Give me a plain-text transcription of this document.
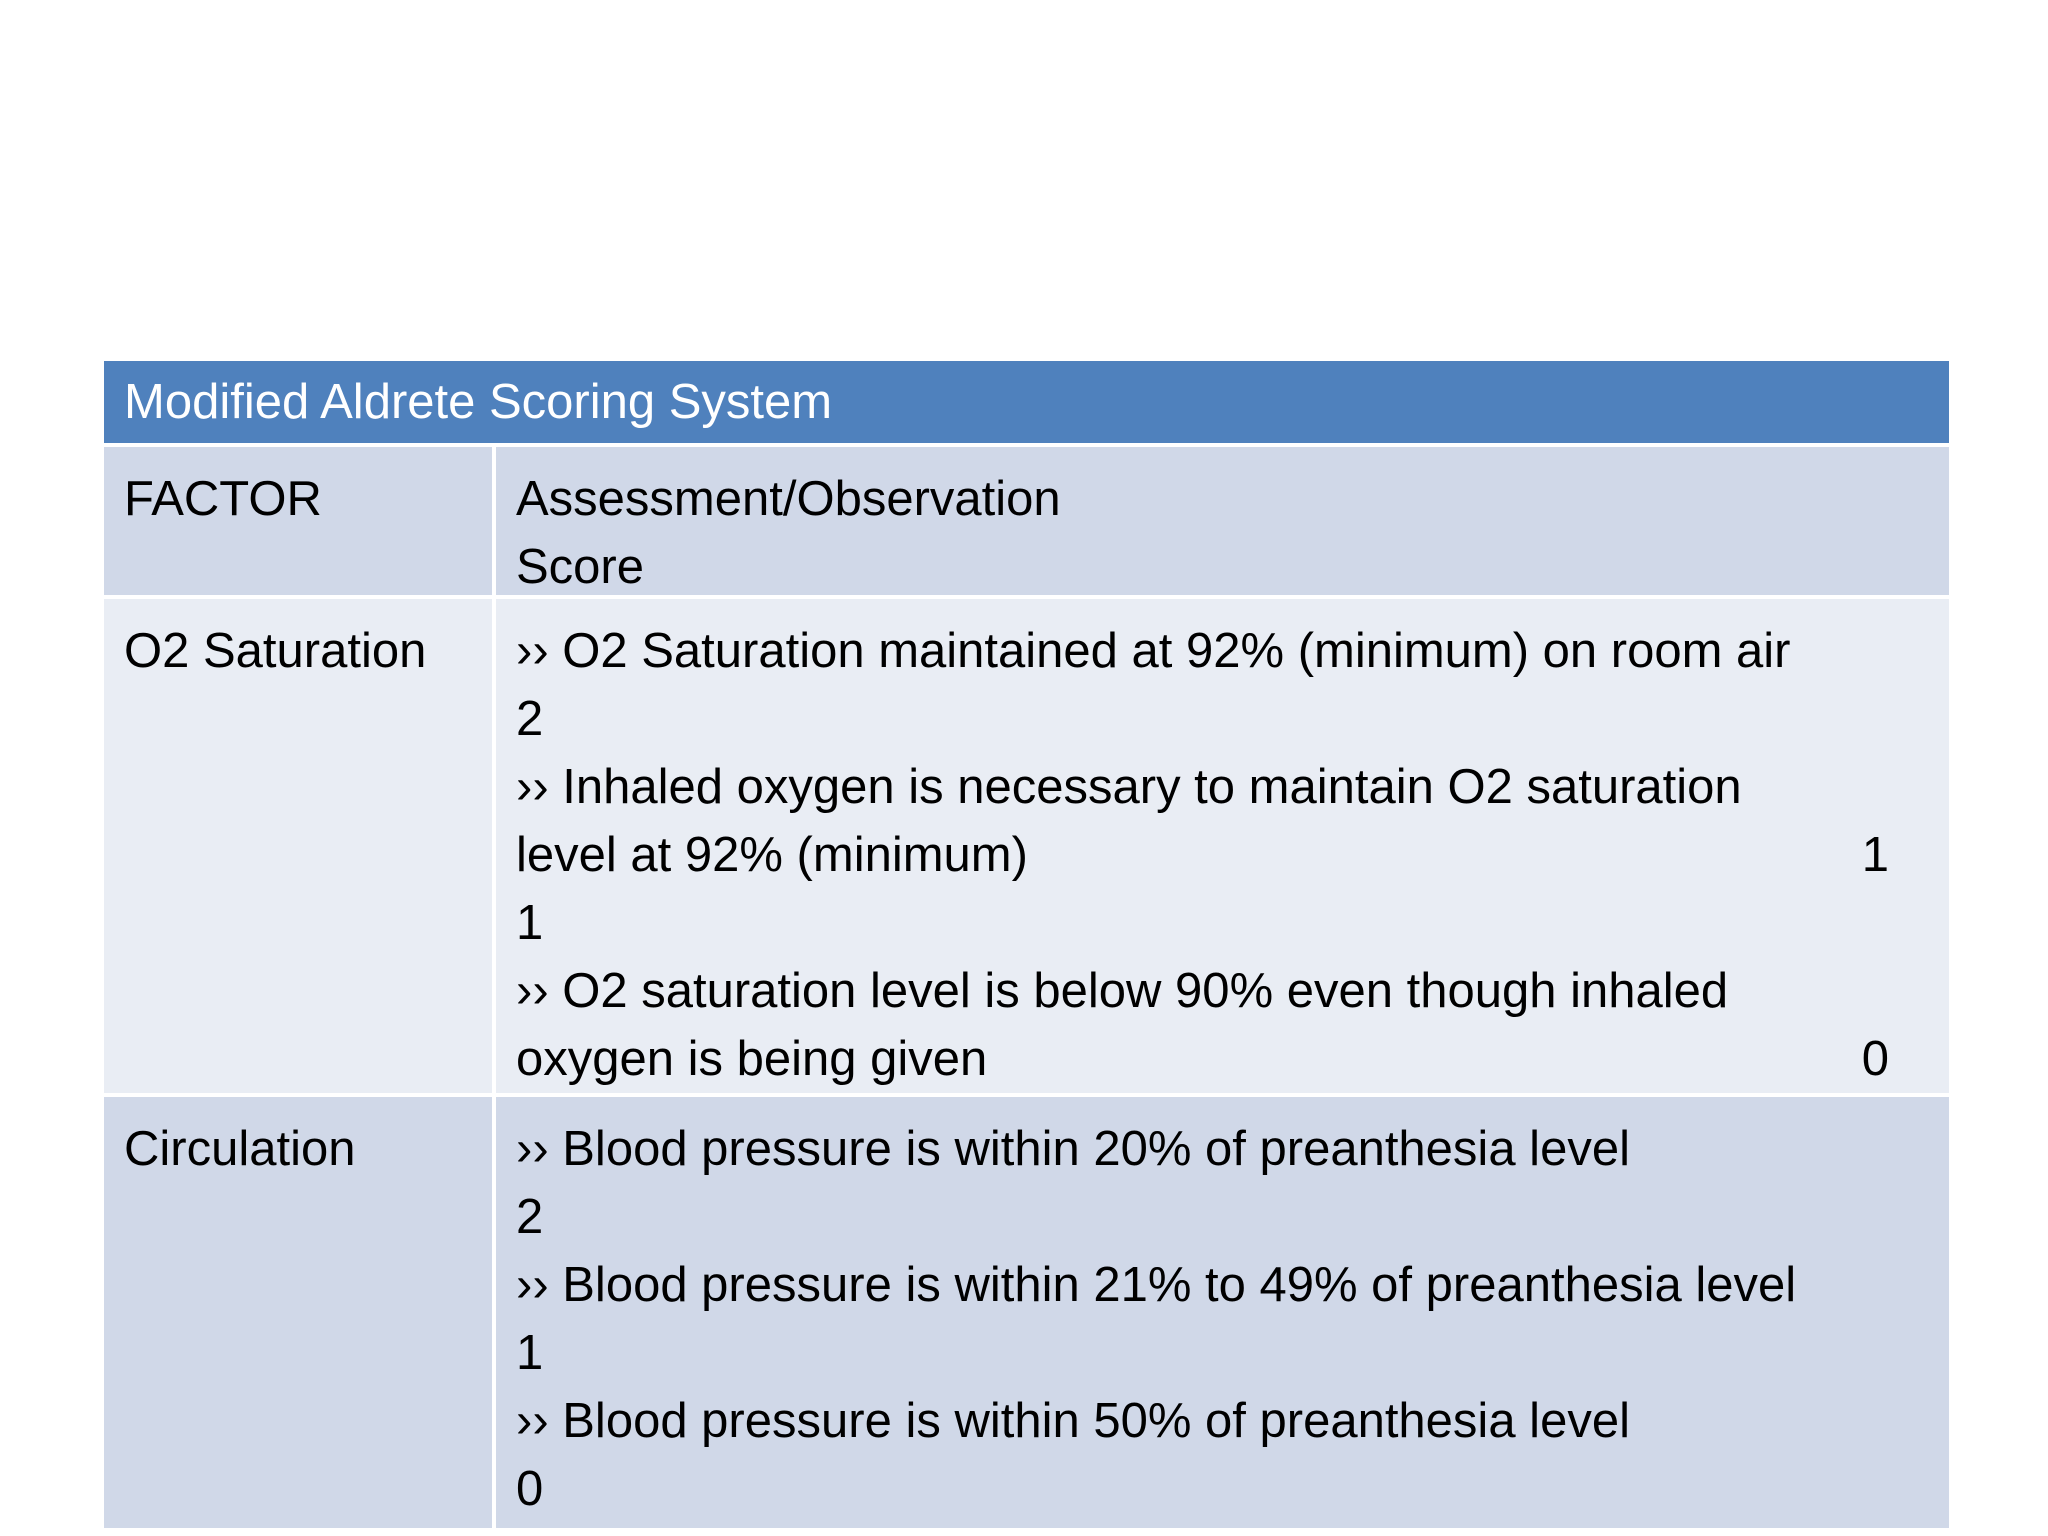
Modified Aldrete Scoring System
FACTOR	Assessment/Observation
Score
O2 Saturation	›› O2 Saturation maintained at 92% (minimum) on room air
2
›› Inhaled oxygen is necessary to maintain O2 saturation
level at 92% (minimum)	1
1
›› O2 saturation level is below 90% even though inhaled
oxygen is being given	0
Circulation	›› Blood pressure is within 20% of preanthesia level
2
›› Blood pressure is within 21% to 49% of preanthesia level
1
›› Blood pressure is within 50% of preanthesia level
0
